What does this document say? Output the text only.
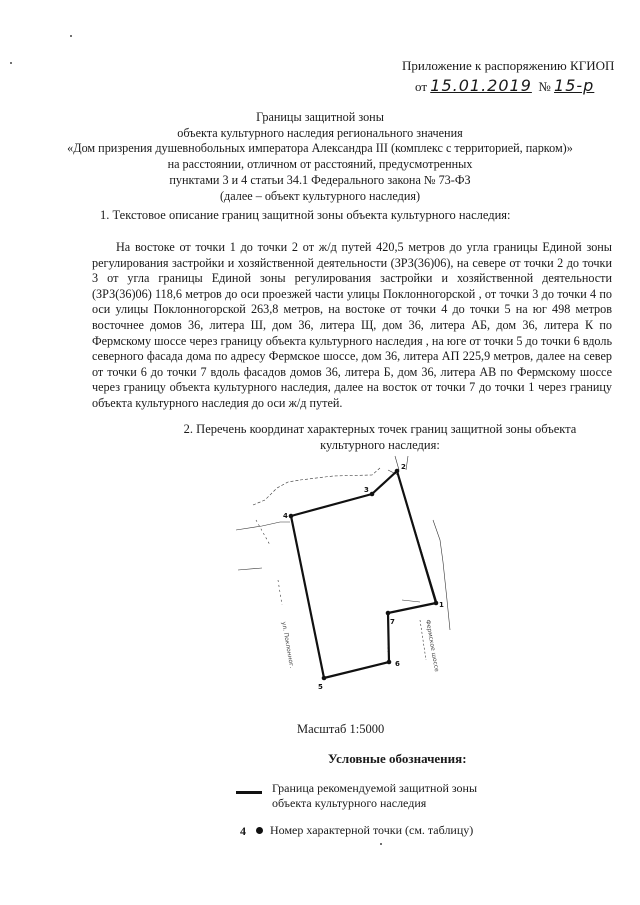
Приложение к распоряжению КГИОП
от 15.01.2019 № 15-р
Границы защитной зоны
объекта культурного наследия регионального значения
«Дом призрения душевнобольных императора Александра III (комплекс с территорией, парком)»
на расстоянии, отличном от расстояний, предусмотренных
пунктами 3 и 4 статьи 34.1 Федерального закона № 73-ФЗ
(далее – объект культурного наследия)
1. Текстовое описание границ защитной зоны объекта культурного наследия:

На востоке от точки 1 до точки 2 от ж/д путей 420,5 метров до угла границы Единой зоны регулирования застройки и хозяйственной деятельности (ЗРЗ(36)06), на севере от точки 2 до точки 3 от угла границы Единой зоны регулирования застройки и хозяйственной деятельности (ЗРЗ(36)06) 118,6 метров до оси проезжей части улицы Поклонногорской , от точки 3 до точки 4 по оси улицы Поклонногорской 263,8 метров, на востоке от точки 4 до точки 5 на юг 498 метров восточнее домов 36, литера Ш, дом 36, литера Щ, дом 36, литера АБ, дом 36, литера К по Фермскому шоссе через границу объекта культурного наследия , на юге от точки 5 до точки 6 вдоль северного фасада дома по адресу Фермское шоссе, дом 36, литера АП 225,9 метров, далее на север от точки 6 до точки 7 вдоль фасадов домов 36, литера Б, дом 36, литера АВ по Фермскому шоссе через границу объекта культурного наследия, далее на восток от точки 7 до точки 1 через границу объекта культурного наследия до оси ж/д путей.

2. Перечень координат характерных точек границ защитной зоны объекта
культурного наследия:
ул. Поклонног.	Фермское шоссе
1
2
3
4
5
6
7
Масштаб 1:5000
Условные обозначения:
Граница рекомендуемой защитной зоны
объекта культурного наследия
4 Номер характерной точки (см. таблицу)
